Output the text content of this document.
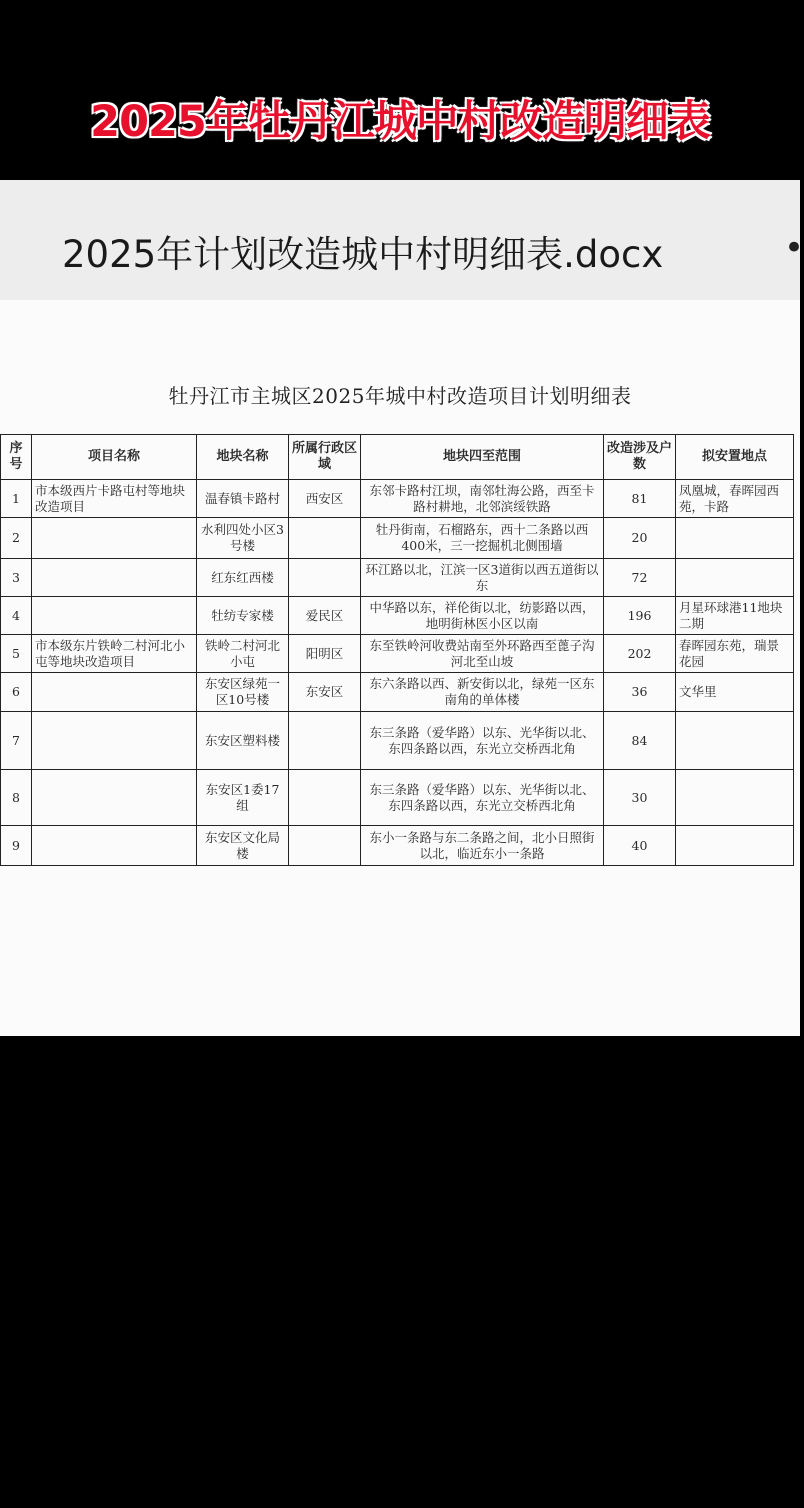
2025年牡丹江城中村改造明细表
2025年计划改造城中村明细表.docx	•
牡丹江市主城区2025年城中村改造项目计划明细表
序号	项目名称	地块名称	所属行政区域	地块四至范围	改造涉及户数	拟安置地点
1	市本级西片卡路屯村等地块改造项目	温春镇卡路村	西安区	东邻卡路村江坝，南邻牡海公路，西至卡路村耕地，北邻滨绥铁路	81	凤凰城，春晖园西苑，卡路
2		水利四处小区3号楼		牡丹街南，石榴路东，西十二条路以西400米，三一挖掘机北侧围墙	20	
3		红东红西楼		环江路以北，江滨一区3道街以西五道街以东	72	
4		牡纺专家楼	爱民区	中华路以东，祥伦街以北，纺影路以西，地明街林医小区以南	196	月星环球港11地块二期
5	市本级东片铁岭二村河北小屯等地块改造项目	铁岭二村河北小屯	阳明区	东至铁岭河收费站南至外环路西至蓖子沟河北至山坡	202	春晖园东苑，瑞景花园
6		东安区绿苑一区10号楼	东安区	东六条路以西、新安街以北，绿苑一区东南角的单体楼	36	文华里
7		东安区塑料楼		东三条路（爱华路）以东、光华街以北、东四条路以西，东光立交桥西北角	84	
8		东安区1委17组		东三条路（爱华路）以东、光华街以北、东四条路以西，东光立交桥西北角	30	
9		东安区文化局楼		东小一条路与东二条路之间，北小日照街以北，临近东小一条路	40	
